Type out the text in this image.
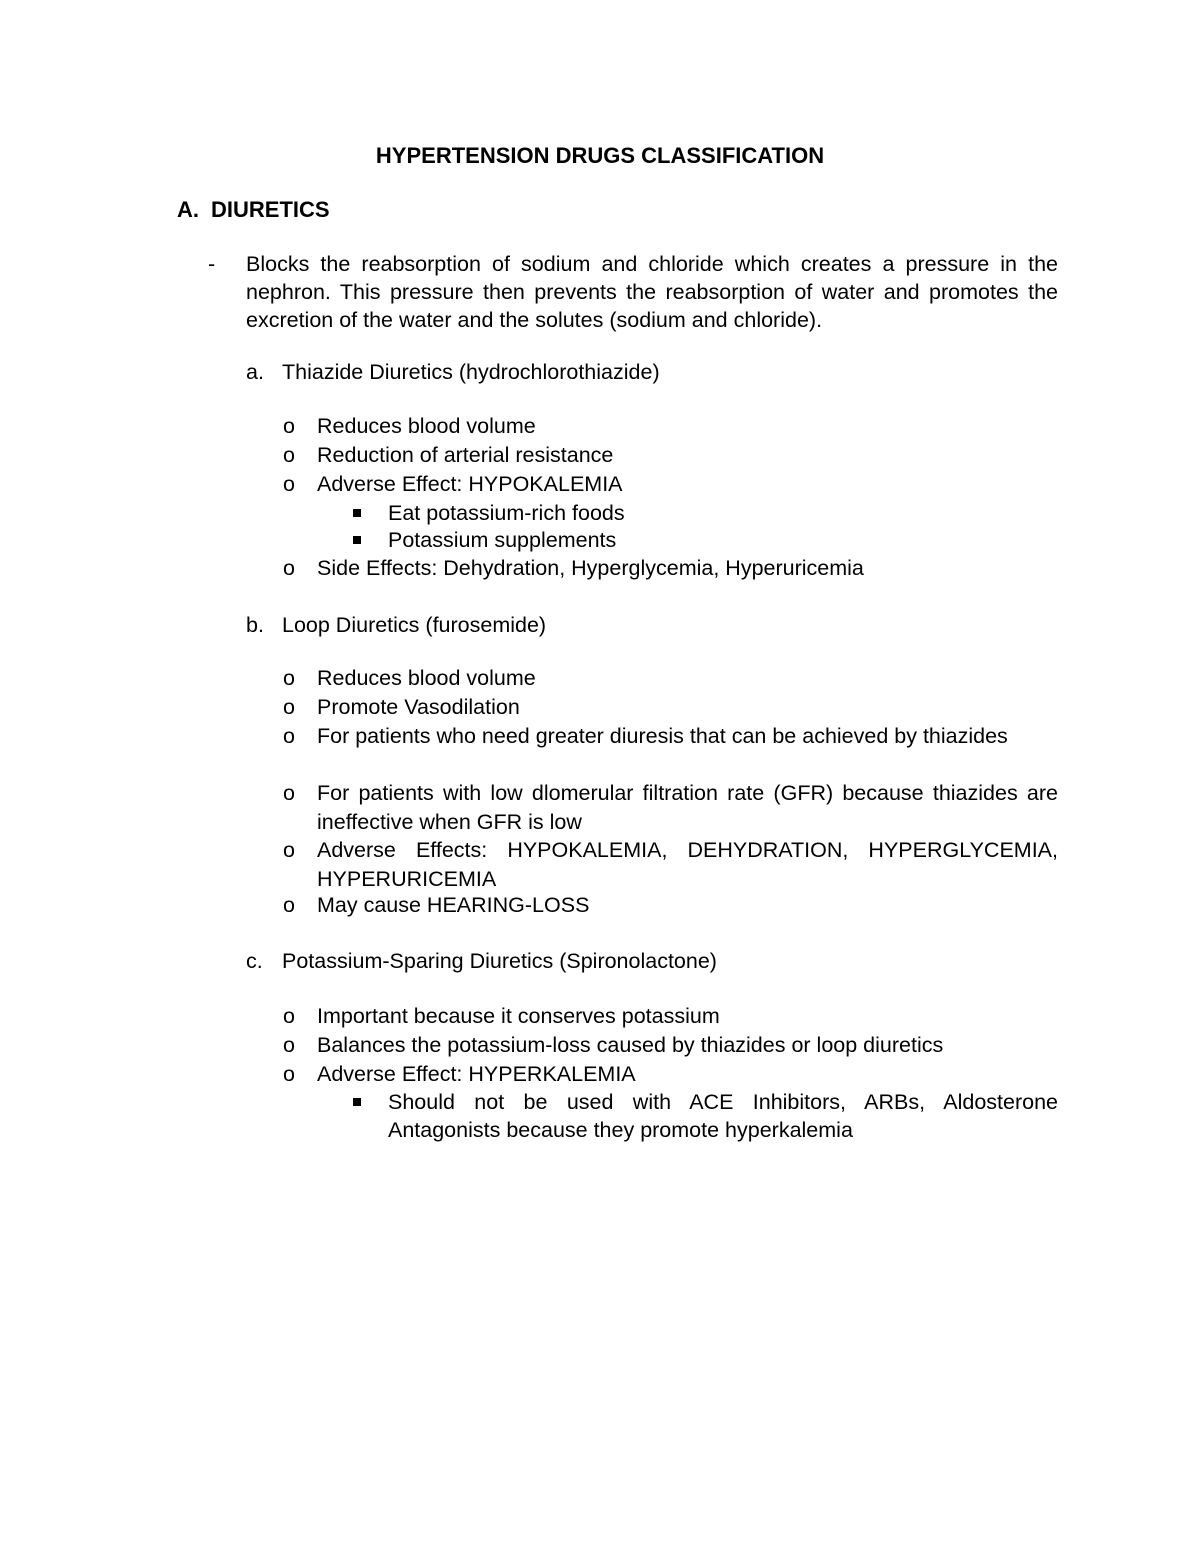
HYPERTENSION DRUGS CLASSIFICATION
A. DIURETICS
- Blocks the reabsorption of sodium and chloride which creates a pressure in the nephron. This pressure then prevents the reabsorption of water and promotes the excretion of the water and the solutes (sodium and chloride).
a. Thiazide Diuretics (hydrochlorothiazide)
o Reduces blood volume
o Reduction of arterial resistance
o Adverse Effect: HYPOKALEMIA
Eat potassium-rich foods
Potassium supplements
o Side Effects: Dehydration, Hyperglycemia, Hyperuricemia
b. Loop Diuretics (furosemide)
o Reduces blood volume
o Promote Vasodilation
o For patients who need greater diuresis that can be achieved by thiazides
o For patients with low dlomerular filtration rate (GFR) because thiazides are ineffective when GFR is low
o Adverse Effects: HYPOKALEMIA, DEHYDRATION, HYPERGLYCEMIA, HYPERURICEMIA
o May cause HEARING-LOSS
c. Potassium-Sparing Diuretics (Spironolactone)
o Important because it conserves potassium
o Balances the potassium-loss caused by thiazides or loop diuretics
o Adverse Effect: HYPERKALEMIA
Should not be used with ACE Inhibitors, ARBs, Aldosterone Antagonists because they promote hyperkalemia
